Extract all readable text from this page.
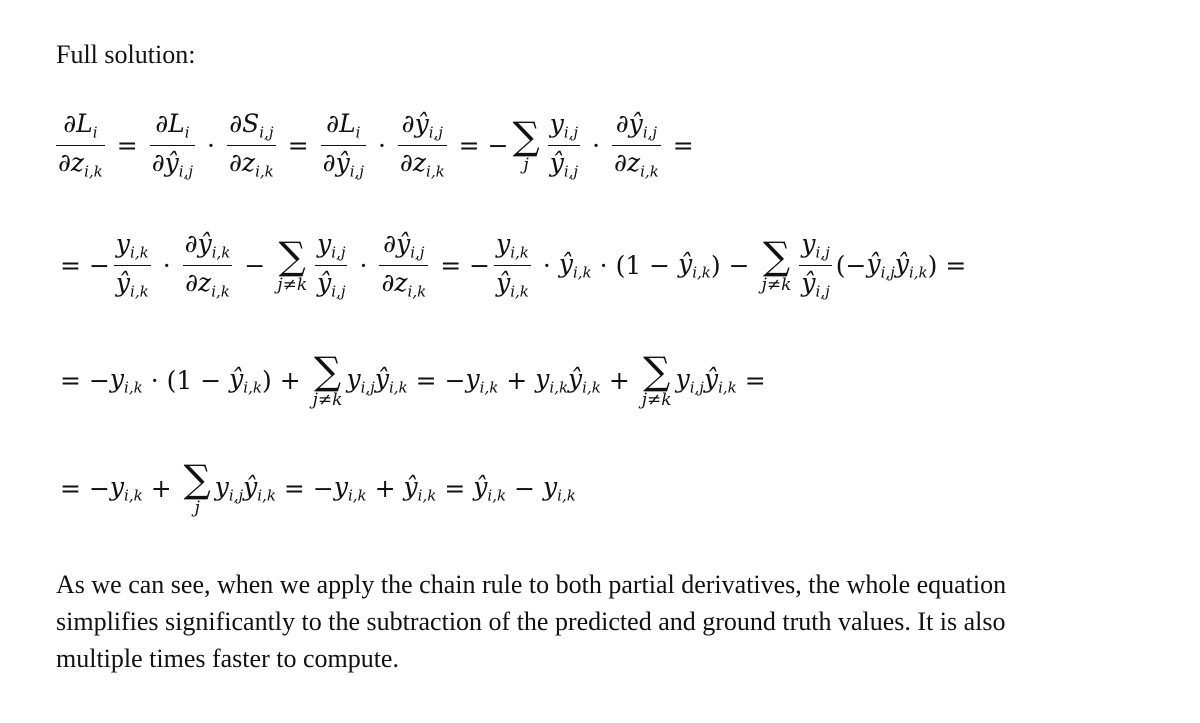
Full solution:
$\frac{\partial L_i}{\partial z_{i,k}} = \frac{\partial L_i}{\partial ŷ_{i,j}} \cdot \frac{\partial S_{i,j}}{\partial z_{i,k}} = \frac{\partial L_i}{\partial ŷ_{i,j}} \cdot \frac{\partial ŷ_{i,j}}{\partial z_{i,k}}$ = − ∑
j $\frac{y_{i,j}}{ŷ_{i,j}} \cdot \frac{\partial ŷ_{i,j}}{\partial z_{i,k}}$ =
= − $\frac{y_{i,k}}{ŷ_{i,k}} \cdot \frac{\partial ŷ_{i,k}}{\partial z_{i,k}}$ − ∑
$j\ne k \frac{y_{i,j}}{ŷ_{i,j}} \cdot \frac{\partial ŷ_{i,j}}{\partial z_{i,k}}$ = − $\frac{y_{i,k}}{ŷ_{i,k}}$ · $ŷ_{i,k} \cdot (1$ −
$ŷ_{i,k}$ ) − ∑
$j\ne k \frac{y_{i,j}}{ŷ_{i,j}}$ (− $ŷ_{i,j}ŷ_{i,k}$ ) =
= − $y_{i,k} \cdot (1$ −
$ŷ_{i,k}$ ) + ∑
j≠k
$y_{i,j}ŷ_{i,k}$ = − $y_{i,k}$ + $y_{i,k}ŷ_{i,k}$ + ∑
j≠k
$y_{i,j}ŷ_{i,k}$ =
= − $y_{i,k}$ + ∑
j
$y_{i,j}ŷ_{i,k}$ = − $y_{i,k}$ + $ŷ_{i,k}$ = $ŷ_{i,k} - y_{i,k}$

As we can see, when we apply the chain rule to both partial derivatives, the whole equation

simplifies significantly to the subtraction of the predicted and ground truth values. It is also

multiple times faster to compute.
